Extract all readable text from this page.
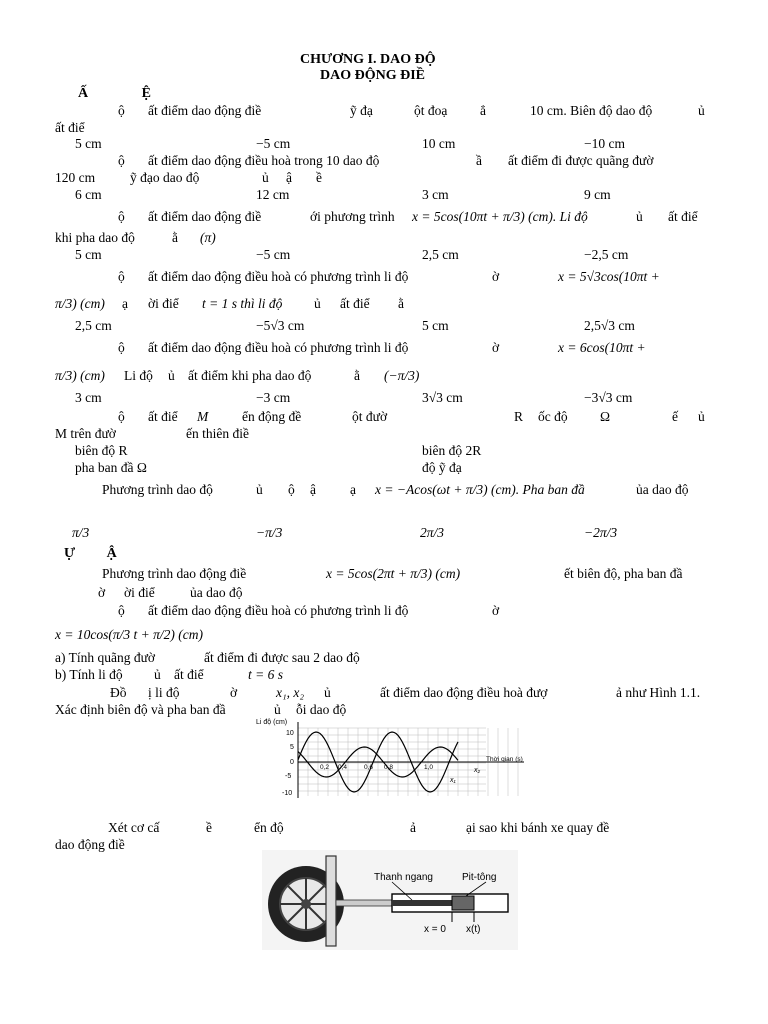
CHƯƠNG I. DAO ĐỘ
DAO ĐỘNG ĐIỀ
Ấ Ệ
ộ ất điểm dao động điề	ỹ đạ	ột đoạ ẳ	10 cm. Biên độ dao độ	ủ
ất điể
5 cm	−5 cm	10 cm	−10 cm
ộ ất điểm dao động điều hoà trong 10 dao độ	ầ ất điểm đi được quãng đườ
120 cm	ỹ đạo dao độ	ủ ậ ề
6 cm	12 cm	3 cm	9 cm
ộ ất điểm dao động điề	ới phương trình x = 5cos(10πt + π/3) (cm). Li độ	ủ ất điể
khi pha dao độ	ằ (π)
5 cm	−5 cm	2,5 cm	−2,5 cm
ộ ất điểm dao động điều hoà có phương trình li độ	ờ	x = 5√3cos(10πt +
π/3) (cm) ạ ời điể t = 1 s thì li độ ủ ất điể ằ
2,5 cm	−5√3 cm	5 cm	2,5√3 cm
ộ ất điểm dao động điều hoà có phương trình li độ	ờ	x = 6cos(10πt +
π/3) (cm) Li độ ủ ất điểm khi pha dao độ	ằ (−π/3)
3 cm	−3 cm	3√3 cm	−3√3 cm
ộ ất điể M	ển động đề	ột đườ	R ốc độ Ω	ế ủ
M trên đườ	ến thiên điề
biên độ R	biên độ 2R
pha ban đầ Ω	độ ỹ đạ
Phương trình dao độ	ủ ộ ậ	ạ x = −Acos(ωt + π/3) (cm). Pha ban đầ	ủa dao độ
π/3	−π/3	2π/3	−2π/3
Ự Ậ
Phương trình dao động điề	x = 5cos(2πt + π/3) (cm)	ết biên độ, pha ban đầ
ờ ời điể	ủa dao độ
ộ ất điểm dao động điều hoà có phương trình li độ	ờ
x = 10cos(π/3 t + π/2) (cm)
a) Tính quãng đườ	ất điểm đi được sau 2 dao độ
b) Tính li độ ủ ất điể	t = 6 s
Đồ ị li độ	ờ	x₁, x₂ ủ	ất điểm dao động điều hoà đượ	ả như Hình 1.1.
Xác định biên độ và pha ban đầ	ủ ỗi dao độ
Li độ (cm)
Thời gian (s)
10
5
0
-5
-10
0,2 0,4	0,6 0,8	1,0
x₁
x₂
Xét cơ cấ	ề	ển độ	ả	ại sao khi bánh xe quay đề
dao động điề
Thanh ngang	Pit-tông
x = 0 x(t)
